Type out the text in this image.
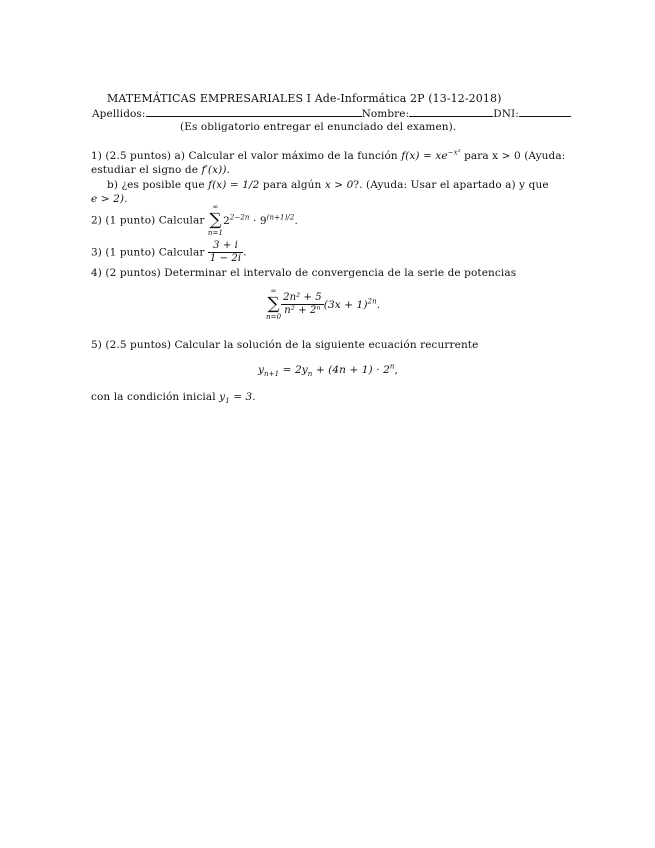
MATEMÁTICAS EMPRESARIALES I Ade-Informática 2P (13-12-2018)
Apellidos:	Nombre:	DNI:
(Es obligatorio entregar el enunciado del examen).
1) (2.5 puntos) a) Calcular el valor máximo de la función $f(x) = xe^{-x^2}$ para x > 0 (Ayuda:
estudiar el signo de f′(x)).
b) ¿es posible que f(x) = 1/2 para algún x > 0?. (Ayuda: Usar el apartado a) y que
e > 2).
2) (1 punto) Calcular
∞
∑
n=1
$2^{2-2n} \cdot 9^{(n+1)/2}$.
3) (1 punto) Calcular $\frac{3 + i}{1 - 2i}$ .
4) (2 puntos) Determinar el intervalo de convergencia de la serie de potencias
∞
∑
$n=0 \frac{\text{2n² + 5}}{\text{n² + 2ⁿ}} (3x + 1)^{2n}$.
5) (2.5 puntos) Calcular la solución de la siguiente ecuación recurrente
$y_{n+1} = 2y_n + (4n + 1) \cdot 2^n$,
con la condición inicial $y_1 = 3$.
